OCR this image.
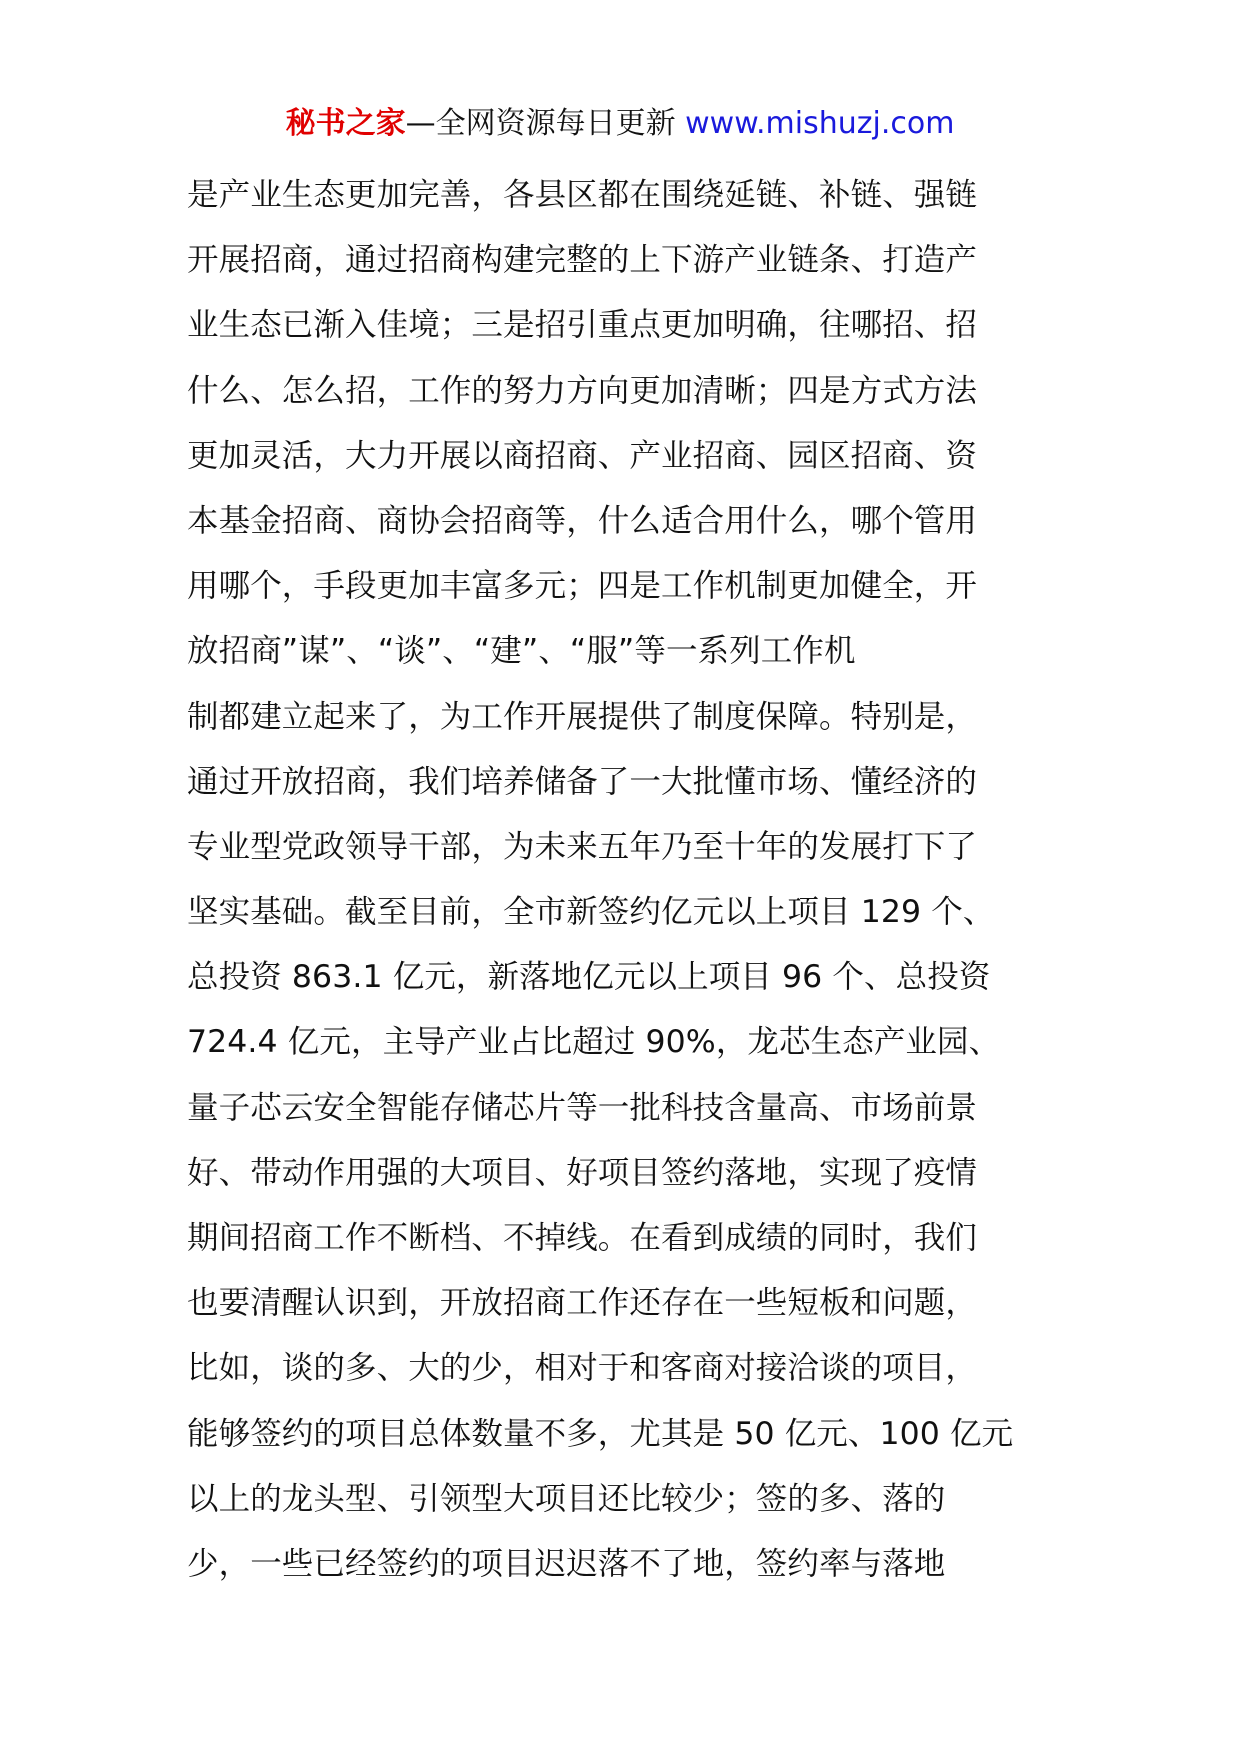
秘书之家—全网资源每日更新 www.mishuzj.com
是产业生态更加完善，各县区都在围绕延链、补链、强链
开展招商，通过招商构建完整的上下游产业链条、打造产
业生态已渐入佳境；三是招引重点更加明确，往哪招、招
什么、怎么招，工作的努力方向更加清晰；四是方式方法
更加灵活，大力开展以商招商、产业招商、园区招商、资
本基金招商、商协会招商等，什么适合用什么，哪个管用
用哪个，手段更加丰富多元；四是工作机制更加健全，开
放招商”谋”、“谈”、“建”、“服”等一系列工作机
制都建立起来了，为工作开展提供了制度保障。特别是，
通过开放招商，我们培养储备了一大批懂市场、懂经济的
专业型党政领导干部，为未来五年乃至十年的发展打下了
坚实基础。截至目前，全市新签约亿元以上项目 129 个、
总投资 863.1 亿元，新落地亿元以上项目 96 个、总投资
724.4 亿元，主导产业占比超过 90%，龙芯生态产业园、
量子芯云安全智能存储芯片等一批科技含量高、市场前景
好、带动作用强的大项目、好项目签约落地，实现了疫情
期间招商工作不断档、不掉线。在看到成绩的同时，我们
也要清醒认识到，开放招商工作还存在一些短板和问题，
比如，谈的多、大的少，相对于和客商对接洽谈的项目，
能够签约的项目总体数量不多，尤其是 50 亿元、100 亿元
以上的龙头型、引领型大项目还比较少；签的多、落的
少，一些已经签约的项目迟迟落不了地，签约率与落地
